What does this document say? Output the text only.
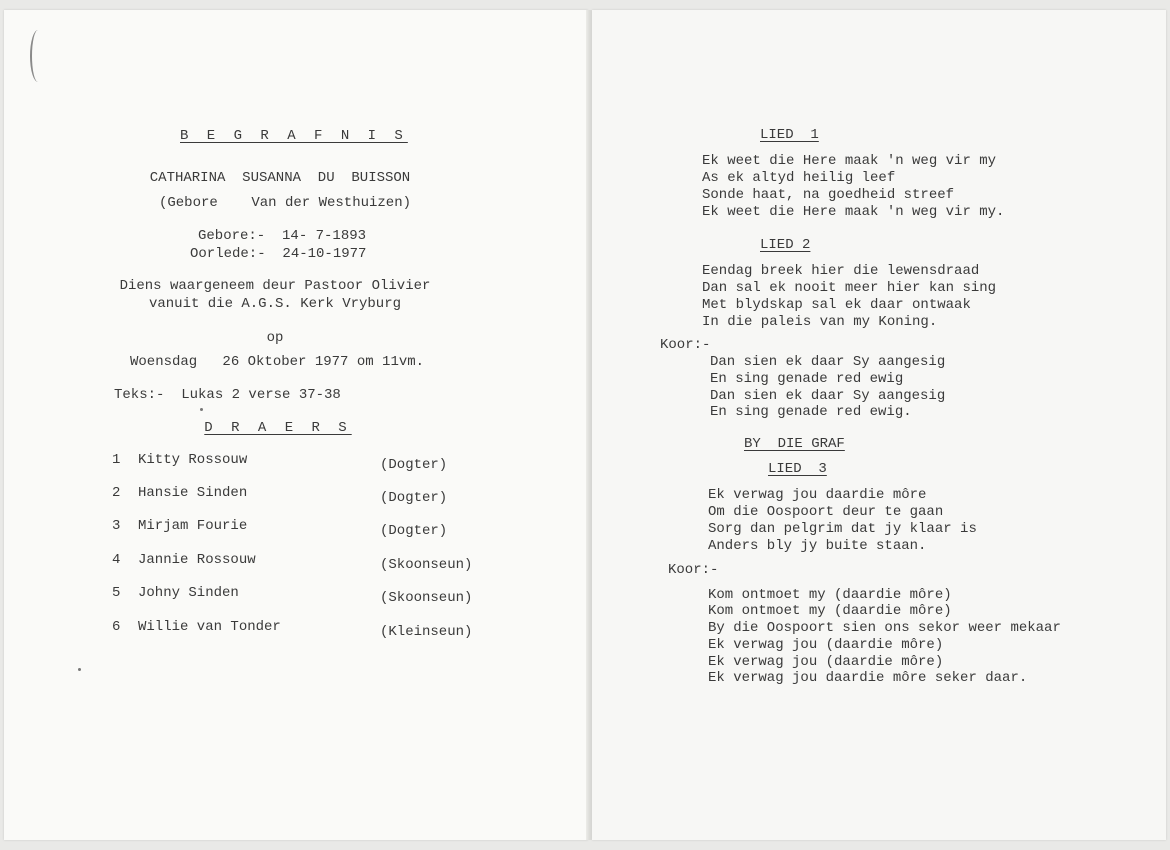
B E G R A F N I S
CATHARINA  SUSANNA  DU  BUISSON
(Gebore    Van der Westhuizen)
Gebore:-  14- 7-1893
Oorlede:-  24-10-1977
Diens waargeneem deur Pastoor Olivier
vanuit die A.G.S. Kerk Vryburg
op
Woensdag   26 Oktober 1977 om 11vm.
Teks:-  Lukas 2 verse 37-38
D R A E R S
1 Kitty Rossouw	(Dogter)
2 Hansie Sinden	(Dogter)
3 Mirjam Fourie	(Dogter)
4 Jannie Rossouw	(Skoonseun)
5 Johny Sinden	(Skoonseun)
6 Willie van Tonder	(Kleinseun)
LIED  1
Ek weet die Here maak 'n weg vir my
As ek altyd heilig leef
Sonde haat, na goedheid streef
Ek weet die Here maak 'n weg vir my.
LIED 2
Eendag breek hier die lewensdraad
Dan sal ek nooit meer hier kan sing
Met blydskap sal ek daar ontwaak
In die paleis van my Koning.
Koor:-
Dan sien ek daar Sy aangesig
En sing genade red ewig
Dan sien ek daar Sy aangesig
En sing genade red ewig.
BY  DIE GRAF
LIED  3
Ek verwag jou daardie môre
Om die Oospoort deur te gaan
Sorg dan pelgrim dat jy klaar is
Anders bly jy buite staan.
Koor:-
Kom ontmoet my (daardie môre)
Kom ontmoet my (daardie môre)
By die Oospoort sien ons sekor weer mekaar
Ek verwag jou (daardie môre)
Ek verwag jou (daardie môre)
Ek verwag jou daardie môre seker daar.
